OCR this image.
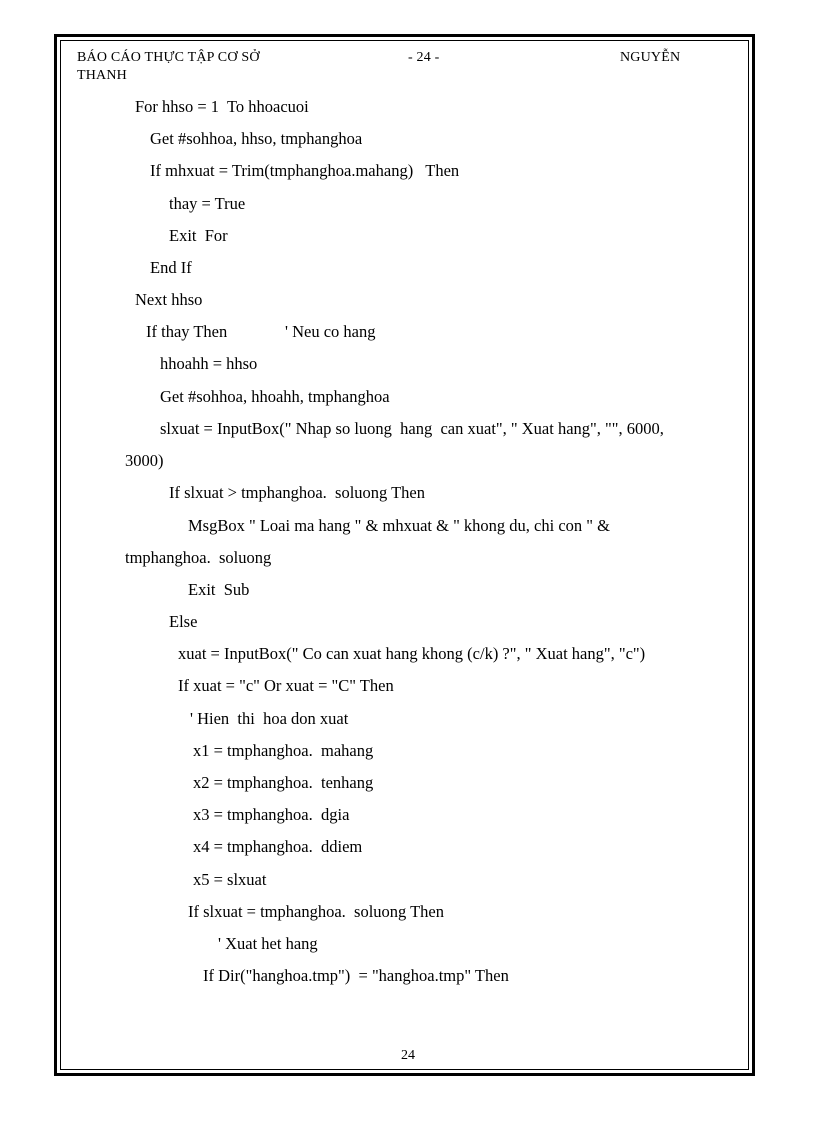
BÁO CÁO THỰC TẬP CƠ SỞ	- 24 -	NGUYỄN
THANH
For hhso = 1  To hhoacuoi
Get #sohhoa, hhso, tmphanghoa
If mhxuat = Trim(tmphanghoa.mahang)   Then
thay = True
Exit  For
End If
Next hhso
If thay Then              ' Neu co hang
hhoahh = hhso
Get #sohhoa, hhoahh, tmphanghoa
slxuat = InputBox(" Nhap so luong  hang  can xuat", " Xuat hang", "", 6000,
3000)
If slxuat > tmphanghoa.  soluong Then
MsgBox " Loai ma hang " & mhxuat & " khong du, chi con " &
tmphanghoa.  soluong
Exit  Sub
Else
xuat = InputBox(" Co can xuat hang khong (c/k) ?", " Xuat hang", "c")
If xuat = "c" Or xuat = "C" Then
' Hien  thi  hoa don xuat
x1 = tmphanghoa.  mahang
x2 = tmphanghoa.  tenhang
x3 = tmphanghoa.  dgia
x4 = tmphanghoa.  ddiem
x5 = slxuat
If slxuat = tmphanghoa.  soluong Then
' Xuat het hang
If Dir("hanghoa.tmp")  = "hanghoa.tmp" Then
24
